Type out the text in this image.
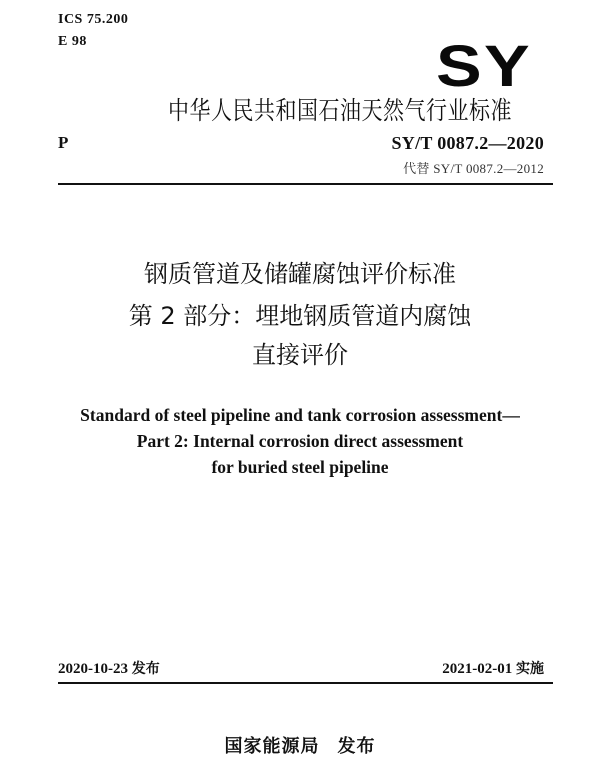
ICS 75.200
E 98	SY
中华人民共和国石油天然气行业标准
P	SY/T 0087.2—2020
代替 SY/T 0087.2—2012
钢质管道及储罐腐蚀评价标准
第 2 部分：埋地钢质管道内腐蚀
直接评价
Standard of steel pipeline and tank corrosion assessment—
Part 2: Internal corrosion direct assessment
for buried steel pipeline
2020-10-23 发布	2021-02-01 实施
国家能源局 发布
